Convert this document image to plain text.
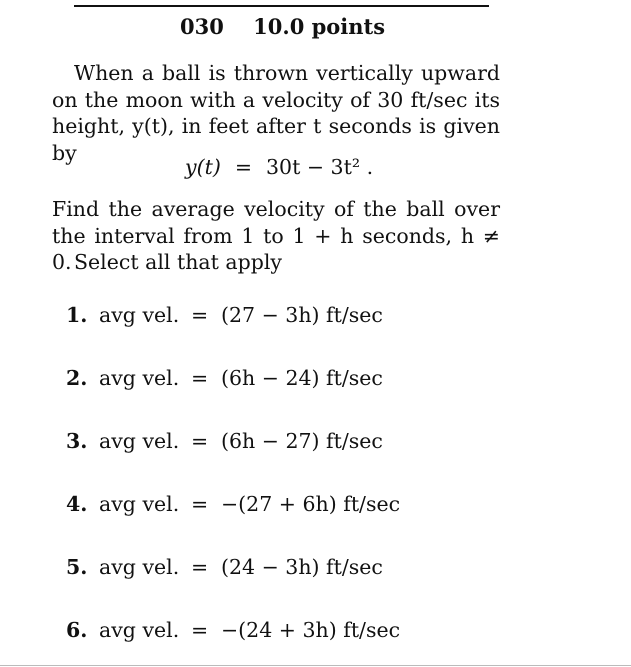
030 10.0 points
When a ball is thrown vertically upward on the moon with a velocity of 30 ft/sec its height, y(t), in feet after t seconds is given by
y(t) = 30t − 3t² .
Find the average velocity of the ball over the interval from 1 to 1 + h seconds, h ≠ 0. Select all that apply
1. avg vel. = (27 − 3h) ft/sec
2. avg vel. = (6h − 24) ft/sec
3. avg vel. = (6h − 27) ft/sec
4. avg vel. = −(27 + 6h) ft/sec
5. avg vel. = (24 − 3h) ft/sec
6. avg vel. = −(24 + 3h) ft/sec
